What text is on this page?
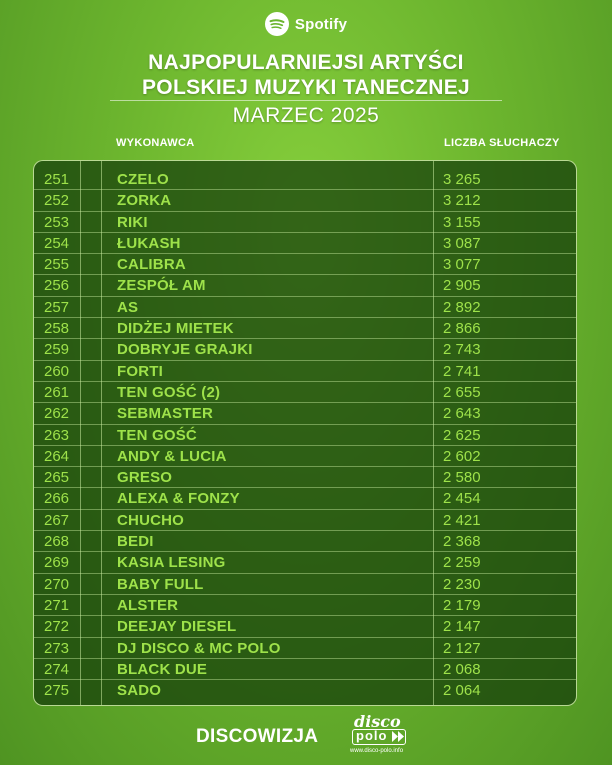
Spotify
NAJPOPULARNIEJSI ARTYŚCI
POLSKIEJ MUZYKI TANECZNEJ
MARZEC 2025
WYKONAWCA	LICZBA SŁUCHACZY
251	CZELO	3 265
252	ZORKA	3 212
253	RIKI	3 155
254	ŁUKASH	3 087
255	CALIBRA	3 077
256	ZESPÓŁ AM	2 905
257	AS	2 892
258	DIDŻEJ MIETEK	2 866
259	DOBRYJE GRAJKI	2 743
260	FORTI	2 741
261	TEN GOŚĆ (2)	2 655
262	SEBMASTER	2 643
263	TEN GOŚĆ	2 625
264	ANDY & LUCIA	2 602
265	GRESO	2 580
266	ALEXA & FONZY	2 454
267	CHUCHO	2 421
268	BEDI	2 368
269	KASIA LESING	2 259
270	BABY FULL	2 230
271	ALSTER	2 179
272	DEEJAY DIESEL	2 147
273	DJ DISCO & MC POLO	2 127
274	BLACK DUE	2 068
275	SADO	2 064
DISCOWIZJA
disco
polo
www.disco-polo.info
